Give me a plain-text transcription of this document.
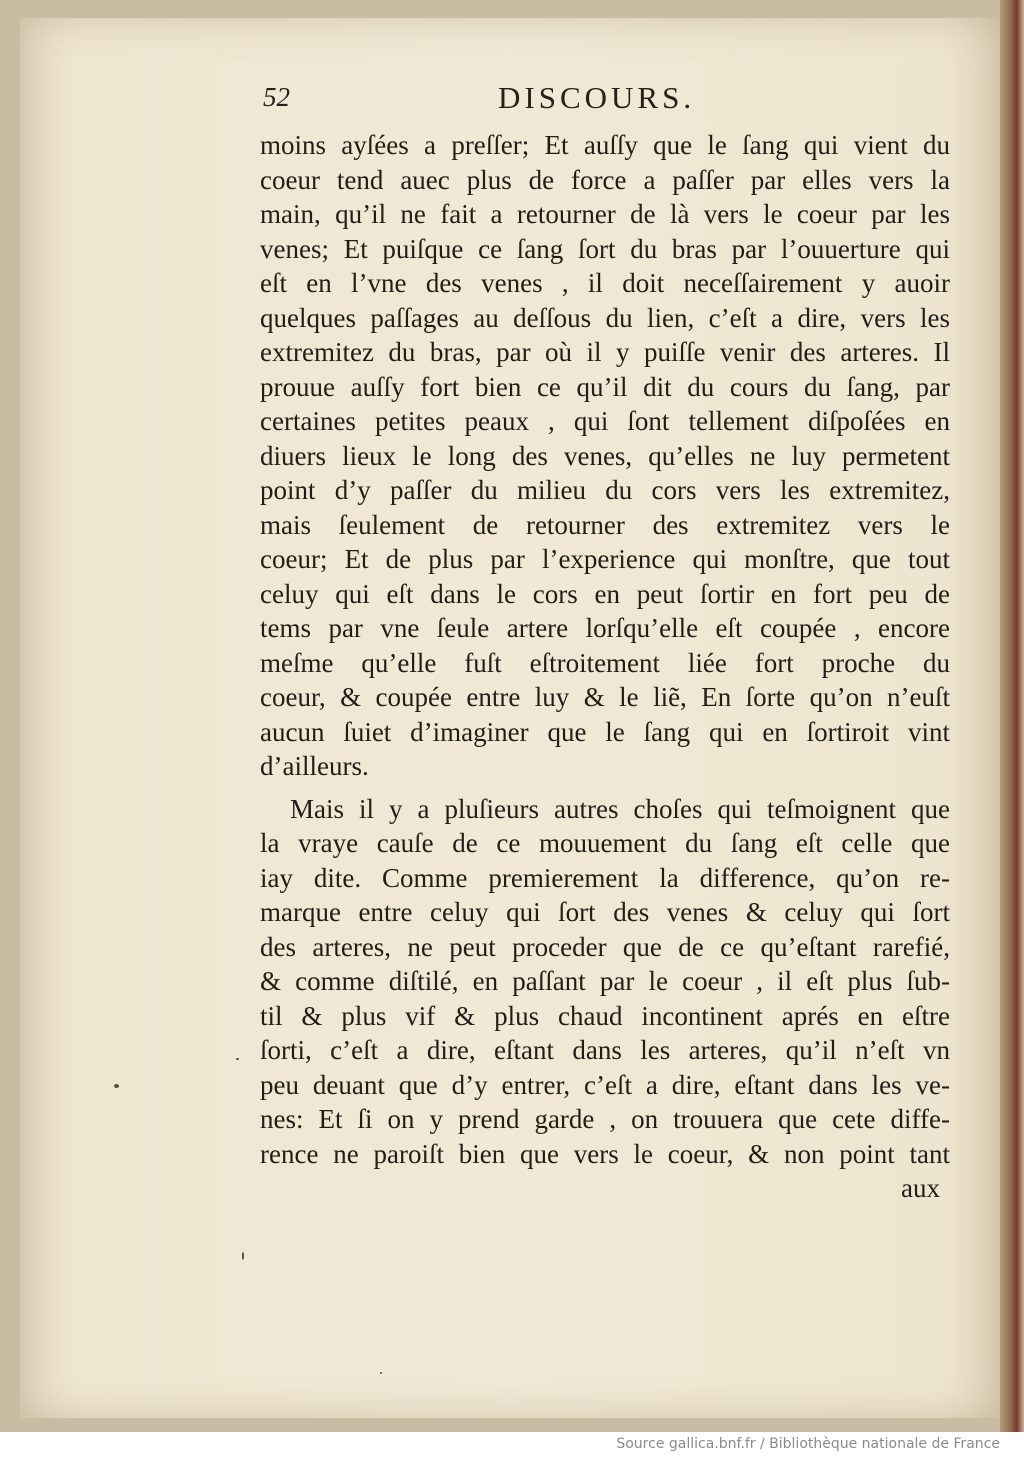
52	DISCOURS.
moins ayſées a preſſer; Et auſſy que le ſang qui vient du
coeur tend auec plus de force a paſſer par elles vers la
main, qu’il ne fait a retourner de là vers le coeur par les
venes; Et puiſque ce ſang ſort du bras par l’ouuerture qui
eſt en l’vne des venes , il doit neceſſairement y auoir
quelques paſſages au deſſous du lien, c’eſt a dire, vers les
extremitez du bras, par où il y puiſſe venir des arteres. Il
prouue auſſy fort bien ce qu’il dit du cours du ſang, par
certaines petites peaux , qui ſont tellement diſpoſées en
diuers lieux le long des venes, qu’elles ne luy permetent
point d’y paſſer du milieu du cors vers les extremitez,
mais ſeulement de retourner des extremitez vers le
coeur; Et de plus par l’experience qui monſtre, que tout
celuy qui eſt dans le cors en peut ſortir en fort peu de
tems par vne ſeule artere lorſqu’elle eſt coupée , encore
meſme qu’elle fuſt eſtroitement liée fort proche du
coeur, & coupée entre luy & le liẽ, En ſorte qu’on n’euſt
aucun ſuiet d’imaginer que le ſang qui en ſortiroit vint
d’ailleurs.
Mais il y a pluſieurs autres choſes qui teſmoignent que
la vraye cauſe de ce mouuement du ſang eſt celle que
iay dite. Comme premierement la difference, qu’on re-
marque entre celuy qui ſort des venes & celuy qui ſort
des arteres, ne peut proceder que de ce qu’eſtant rarefié,
& comme diſtilé, en paſſant par le coeur , il eſt plus ſub-
til & plus vif & plus chaud incontinent aprés en eſtre
ſorti, c’eſt a dire, eſtant dans les arteres, qu’il n’eſt vn
peu deuant que d’y entrer, c’eſt a dire, eſtant dans les ve-
nes: Et ſi on y prend garde , on trouuera que cete diffe-
rence ne paroiſt bien que vers le coeur, & non point tant
aux
Source gallica.bnf.fr / Bibliothèque nationale de France
